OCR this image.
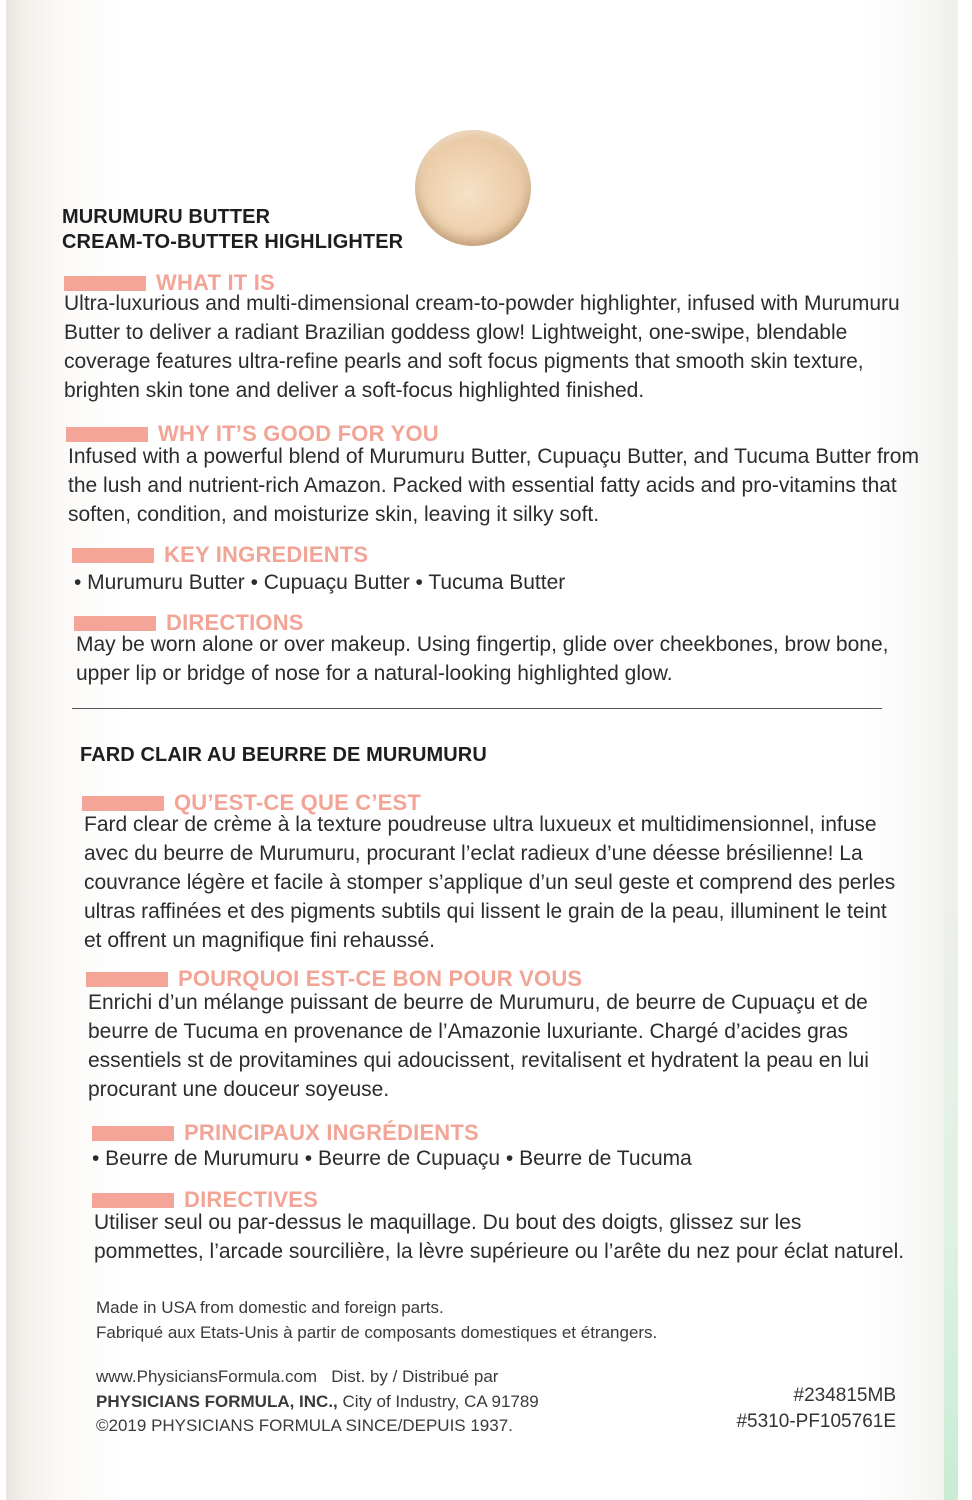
MURUMURU BUTTER
CREAM-TO-BUTTER HIGHLIGHTER
WHAT IT IS

Ultra-luxurious and multi-dimensional cream-to-powder highlighter, infused with Murumuru
Butter to deliver a radiant Brazilian goddess glow! Lightweight, one-swipe, blendable
coverage features ultra-refine pearls and soft focus pigments that smooth skin texture,
brighten skin tone and deliver a soft-focus highlighted finished.

WHY IT’S GOOD FOR YOU

Infused with a powerful blend of Murumuru Butter, Cupuaçu Butter, and Tucuma Butter from
the lush and nutrient-rich Amazon. Packed with essential fatty acids and pro-vitamins that
soften, condition, and moisturize skin, leaving it silky soft.

KEY INGREDIENTS

• Murumuru Butter • Cupuaçu Butter • Tucuma Butter

DIRECTIONS

May be worn alone or over makeup. Using fingertip, glide over cheekbones, brow bone,
upper lip or bridge of nose for a natural-looking highlighted glow.

FARD CLAIR AU BEURRE DE MURUMURU
QU’EST-CE QUE C’EST

Fard clear de crème à la texture poudreuse ultra luxueux et multidimensionnel, infuse
avec du beurre de Murumuru, procurant l’eclat radieux d’une déesse brésilienne! La
couvrance légère et facile à stomper s’applique d’un seul geste et comprend des perles
ultras raffinées et des pigments subtils qui lissent le grain de la peau, illuminent le teint
et offrent un magnifique fini rehaussé.

POURQUOI EST-CE BON POUR VOUS

Enrichi d’un mélange puissant de beurre de Murumuru, de beurre de Cupuaçu et de
beurre de Tucuma en provenance de l’Amazonie luxuriante. Chargé d’acides gras
essentiels st de provitamines qui adoucissent, revitalisent et hydratent la peau en lui
procurant une douceur soyeuse.

PRINCIPAUX INGRÉDIENTS

• Beurre de Murumuru • Beurre de Cupuaçu • Beurre de Tucuma

DIRECTIVES

Utiliser seul ou par-dessus le maquillage. Du bout des doigts, glissez sur les
pommettes, l’arcade sourcilière, la lèvre supérieure ou l’arête du nez pour éclat naturel.

Made in USA from domestic and foreign parts.
Fabriqué aux Etats-Unis à partir de composants domestiques et étrangers.
www.PhysiciansFormula.com Dist. by / Distribué par
PHYSICIANS FORMULA, INC., City of Industry, CA 91789
©2019 PHYSICIANS FORMULA SINCE/DEPUIS 1937.
#234815MB
#5310-PF105761E
